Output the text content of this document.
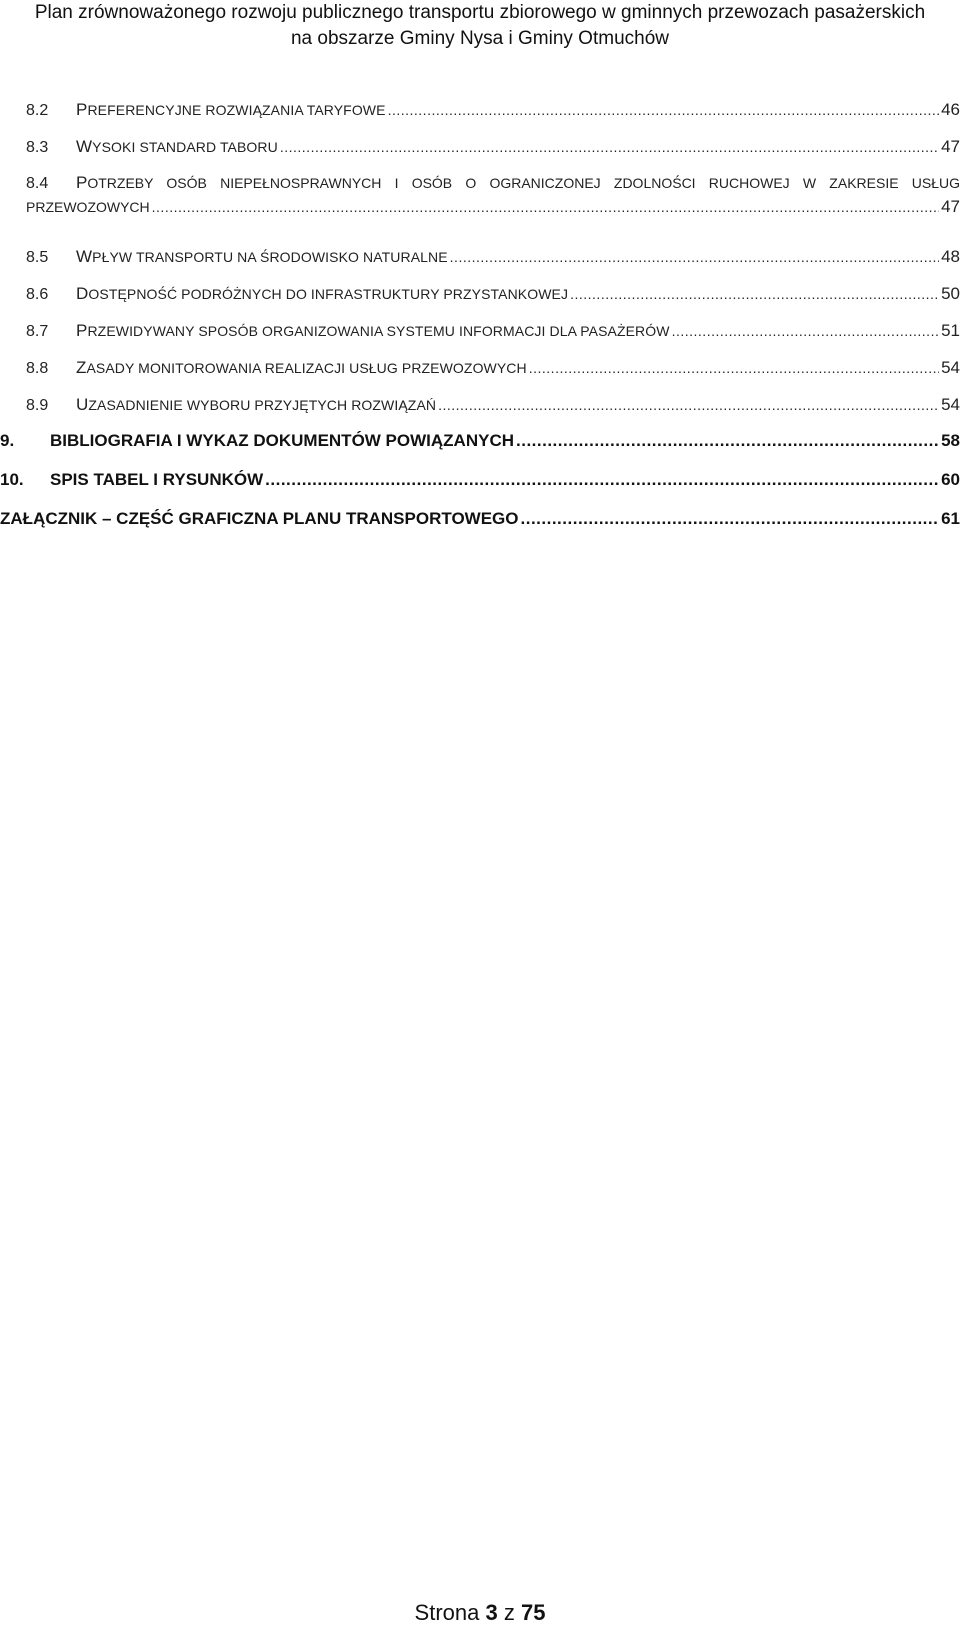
Plan zrównoważonego rozwoju publicznego transportu zbiorowego w gminnych przewozach pasażerskich
na obszarze Gminy Nysa i Gminy Otmuchów
8.2	PREFERENCYJNE ROZWIĄZANIA TARYFOWE .....	46
8.3	WYSOKI STANDARD TABORU .....	47
8.4	POTRZEBY OSÓB NIEPEŁNOSPRAWNYCH I OSÓB O OGRANICZONEJ ZDOLNOŚCI RUCHOWEJ W ZAKRESIE USŁUG
PRZEWOZOWYCH .....	47
8.5	WPŁYW TRANSPORTU NA ŚRODOWISKO NATURALNE .....	48
8.6	DOSTĘPNOŚĆ PODRÓŻNYCH DO INFRASTRUKTURY PRZYSTANKOWEJ .....	50
8.7	PRZEWIDYWANY SPOSÓB ORGANIZOWANIA SYSTEMU INFORMACJI DLA PASAŻERÓW .....	51
8.8	ZASADY MONITOROWANIA REALIZACJI USŁUG PRZEWOZOWYCH .....	54
8.9	UZASADNIENIE WYBORU PRZYJĘTYCH ROZWIĄZAŃ .....	54
9.	BIBLIOGRAFIA I WYKAZ DOKUMENTÓW POWIĄZANYCH .....	58
10.	SPIS TABEL I RYSUNKÓW .....	60
ZAŁĄCZNIK – CZĘŚĆ GRAFICZNA PLANU TRANSPORTOWEGO .....	61
Strona 3 z 75
